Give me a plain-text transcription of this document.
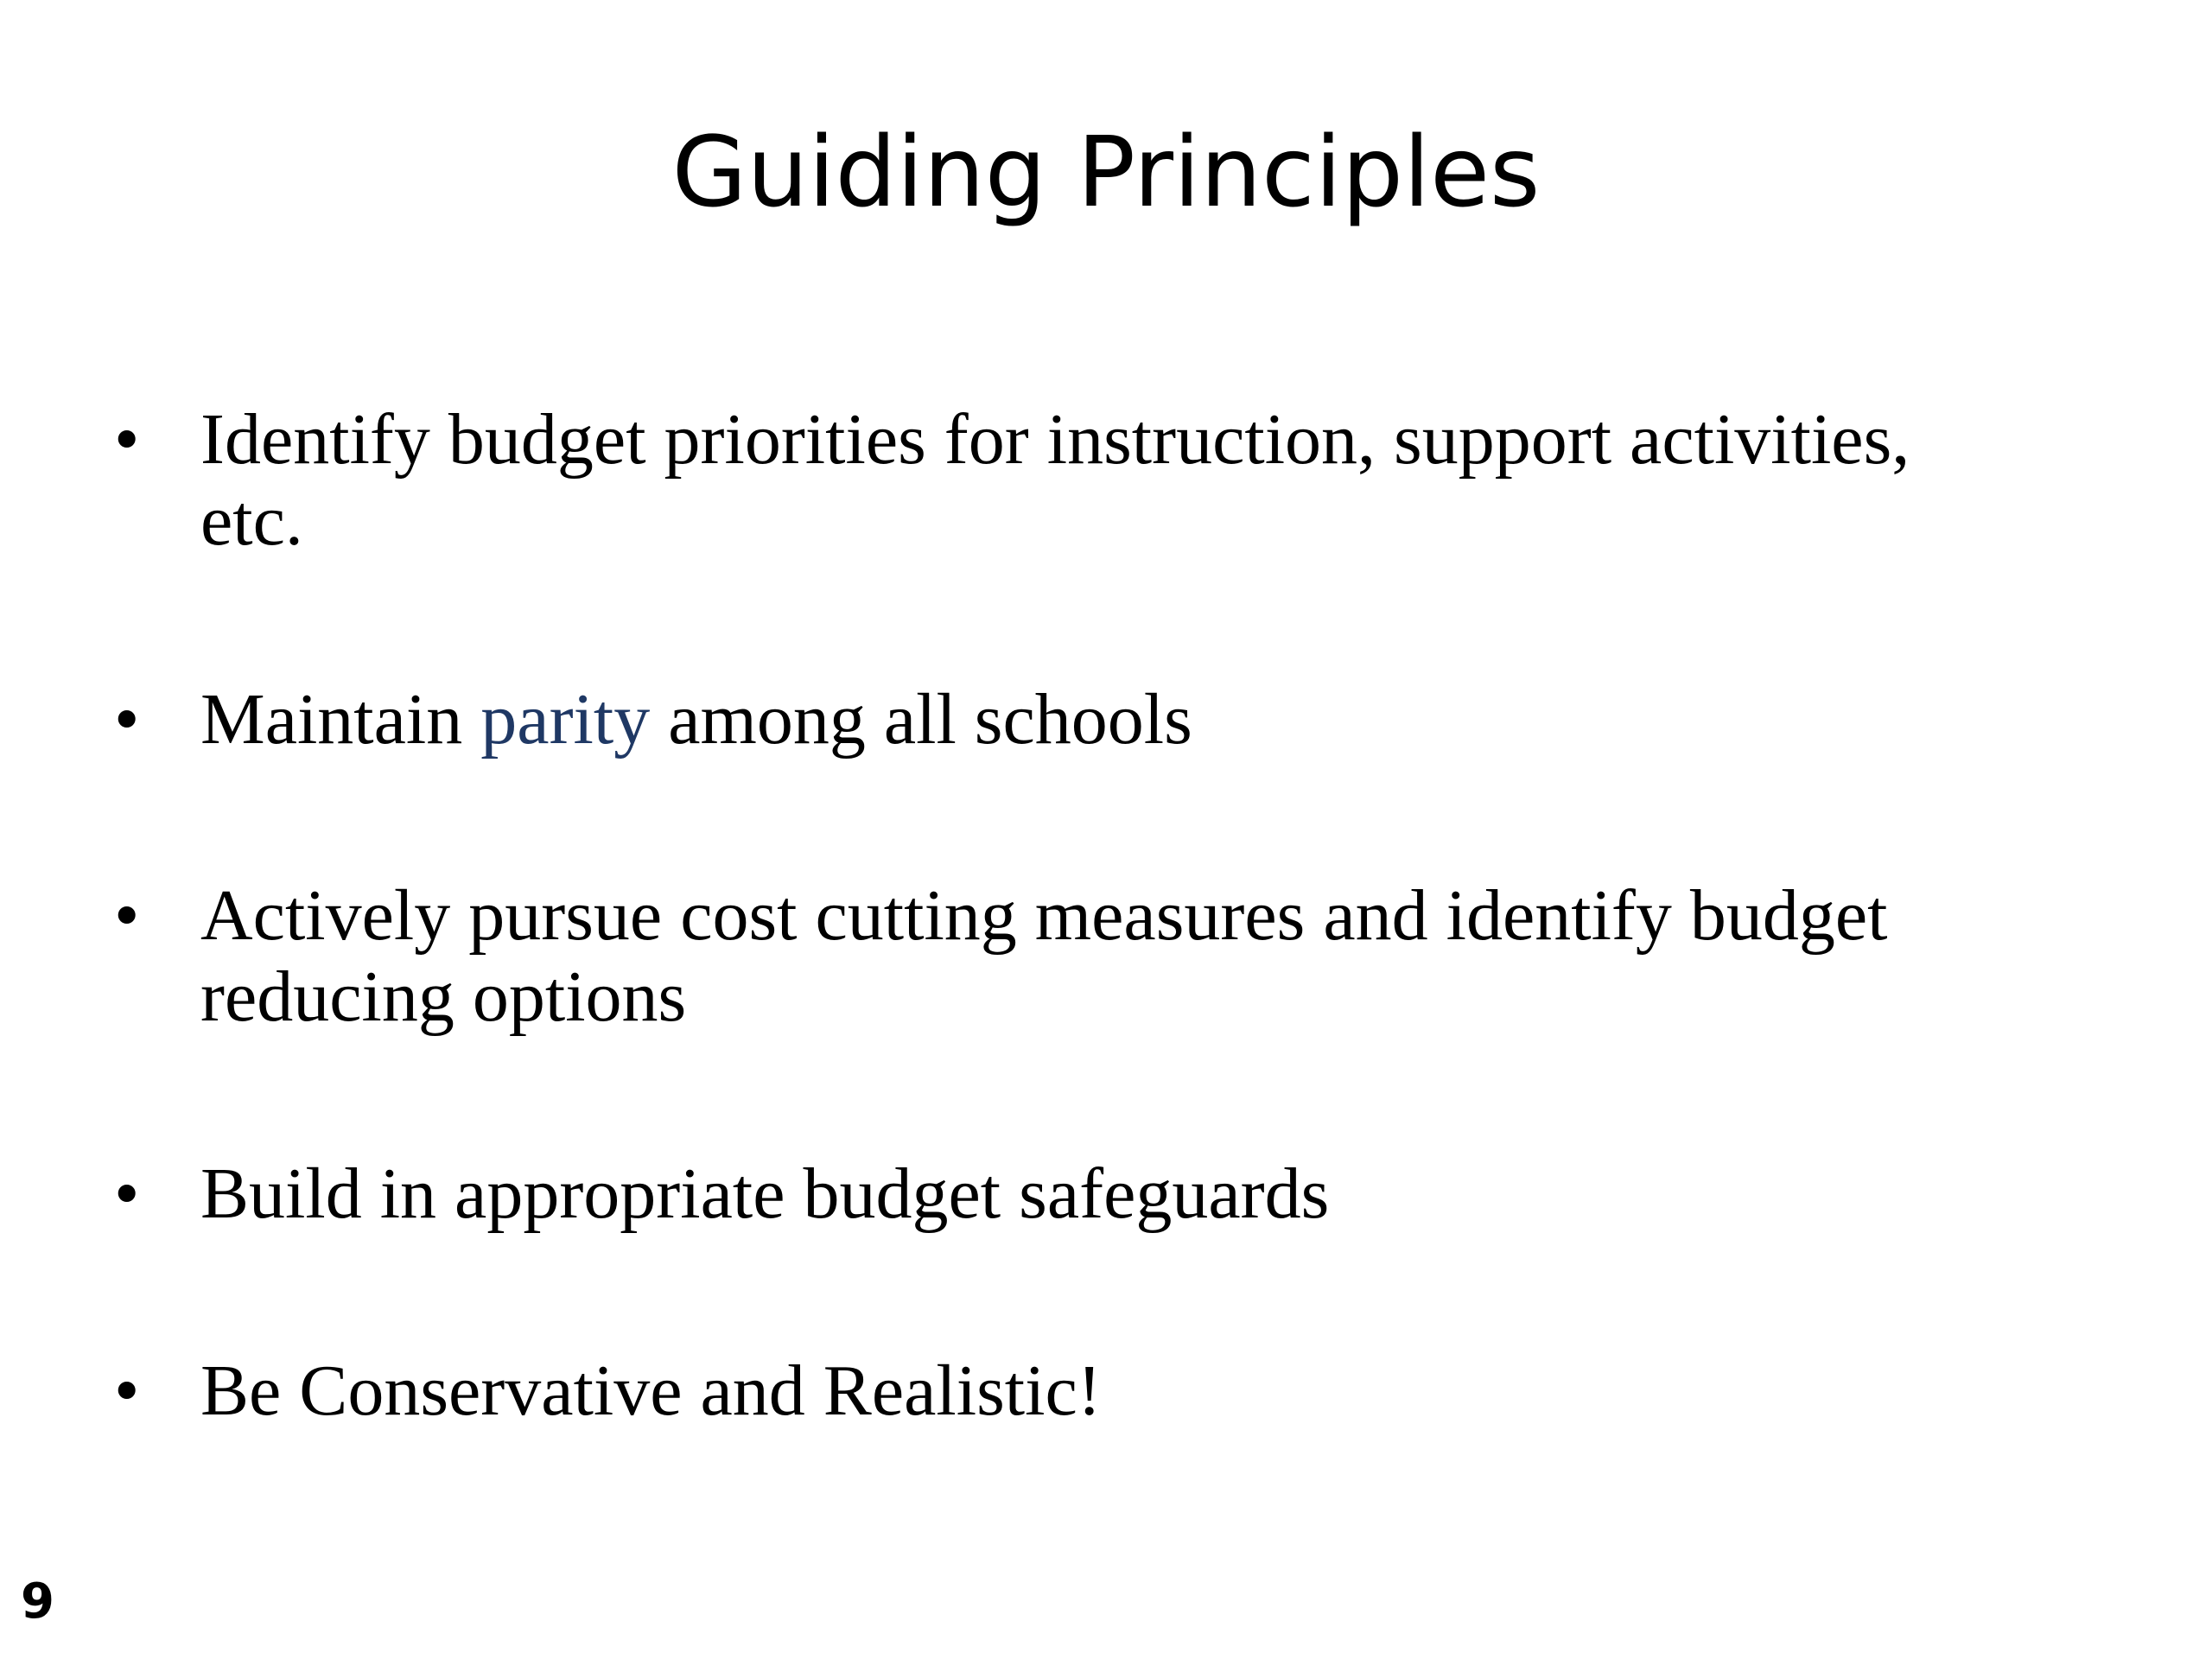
Guiding Principles
• Identify budget priorities for instruction, support activities, etc.
• Maintain parity among all schools
• Actively pursue cost cutting measures and identify budget reducing options
• Build in appropriate budget safeguards
• Be Conservative and Realistic!
9
